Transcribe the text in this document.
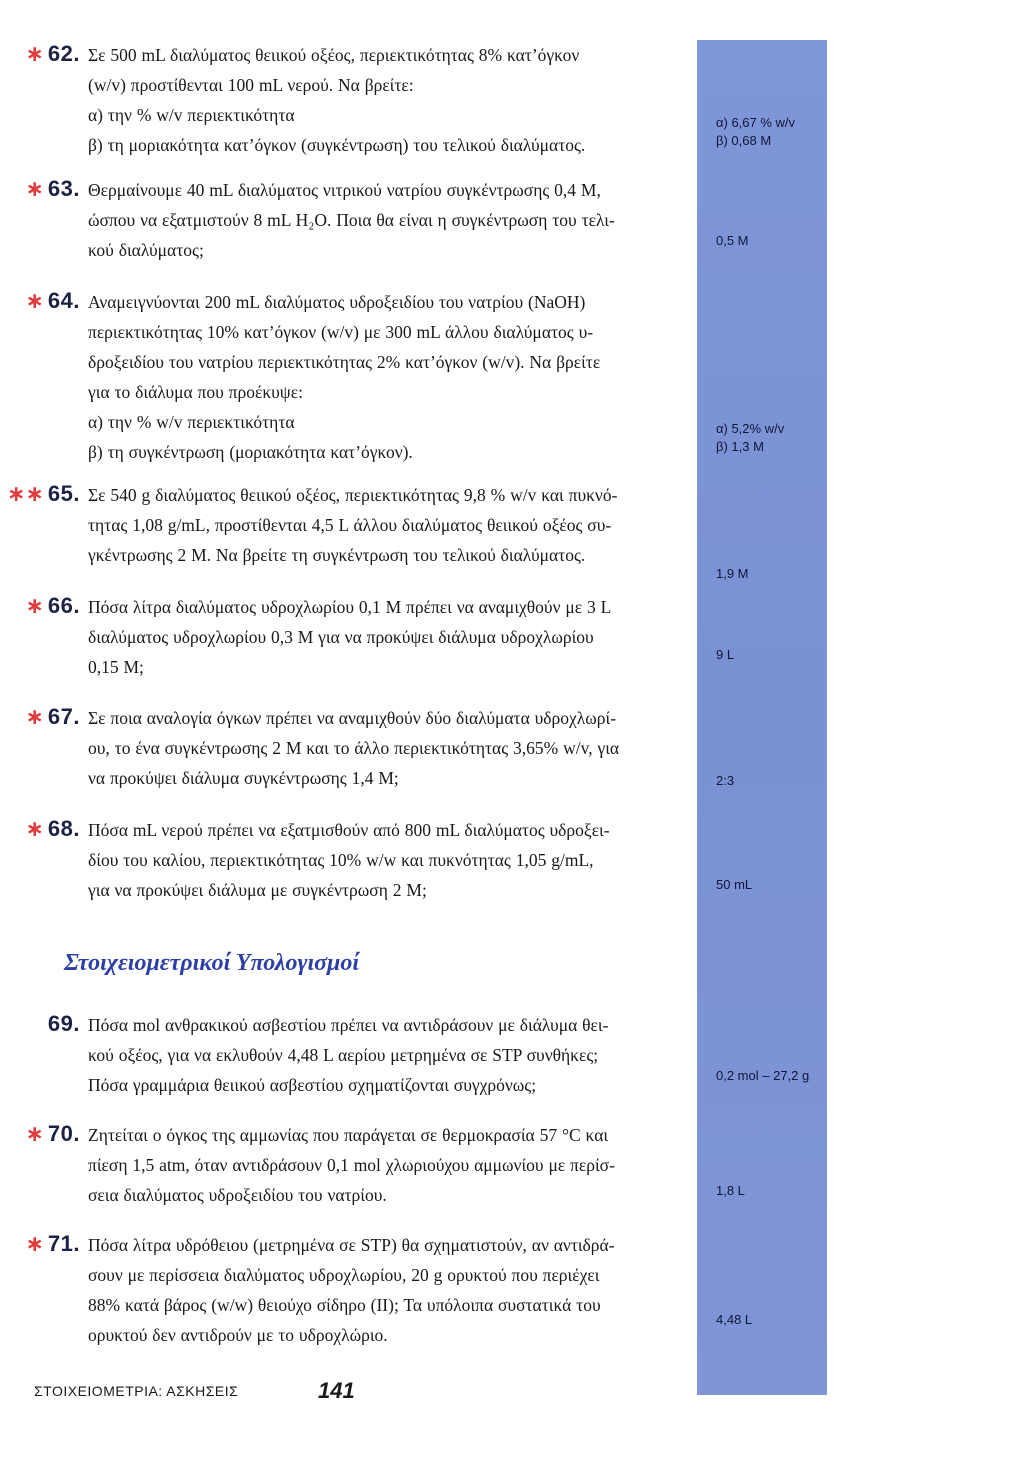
∗ 62. Σε 500 mL διαλύματος θειικού οξέος, περιεκτικότητας 8% κατ’όγκον
(w/v) προστίθενται 100 mL νερού. Να βρείτε:
α) την % w/v περιεκτικότητα
β) τη μοριακότητα κατ’όγκον (συγκέντρωση) του τελικού διαλύματος.
α) 6,67 % w/v
β) 0,68 M
∗ 63. Θερμαίνουμε 40 mL διαλύματος νιτρικού νατρίου συγκέντρωσης 0,4 M,
ώσπου να εξατμιστούν 8 mL H₂O. Ποια θα είναι η συγκέντρωση του τελι-
κού διαλύματος;	0,5 M
∗ 64. Αναμειγνύονται 200 mL διαλύματος υδροξειδίου του νατρίου (NaOH)
περιεκτικότητας 10% κατ’όγκον (w/v) με 300 mL άλλου διαλύματος υ-
δροξειδίου του νατρίου περιεκτικότητας 2% κατ’όγκον (w/v). Να βρείτε
για το διάλυμα που προέκυψε:
α) την % w/v περιεκτικότητα
β) τη συγκέντρωση (μοριακότητα κατ’όγκον).
α) 5,2% w/v
β) 1,3 M
∗∗ 65. Σε 540 g διαλύματος θειικού οξέος, περιεκτικότητας 9,8 % w/v και πυκνό-
τητας 1,08 g/mL, προστίθενται 4,5 L άλλου διαλύματος θειικού οξέος συ-
γκέντρωσης 2 M. Να βρείτε τη συγκέντρωση του τελικού διαλύματος.
1,9 M
∗ 66. Πόσα λίτρα διαλύματος υδροχλωρίου 0,1 M πρέπει να αναμιχθούν με 3 L
διαλύματος υδροχλωρίου 0,3 M για να προκύψει διάλυμα υδροχλωρίου
0,15 M;
9 L
∗ 67. Σε ποια αναλογία όγκων πρέπει να αναμιχθούν δύο διαλύματα υδροχλωρί-
ου, το ένα συγκέντρωσης 2 M και το άλλο περιεκτικότητας 3,65% w/v, για
να προκύψει διάλυμα συγκέντρωσης 1,4 M;	2:3
∗ 68. Πόσα mL νερού πρέπει να εξατμισθούν από 800 mL διαλύματος υδροξει-
δίου του καλίου, περιεκτικότητας 10% w/w και πυκνότητας 1,05 g/mL,
για να προκύψει διάλυμα με συγκέντρωση 2 M;	50 mL
Στοιχειομετρικοί Υπολογισμοί
69. Πόσα mol ανθρακικού ασβεστίου πρέπει να αντιδράσουν με διάλυμα θει-
κού οξέος, για να εκλυθούν 4,48 L αερίου μετρημένα σε STP συνθήκες;
Πόσα γραμμάρια θειικού ασβεστίου σχηματίζονται συγχρόνως;	0,2 mol – 27,2 g
∗ 70. Ζητείται ο όγκος της αμμωνίας που παράγεται σε θερμοκρασία 57 °C και
πίεση 1,5 atm, όταν αντιδράσουν 0,1 mol χλωριούχου αμμωνίου με περίσ-
σεια διαλύματος υδροξειδίου του νατρίου.	1,8 L
∗ 71. Πόσα λίτρα υδρόθειου (μετρημένα σε STP) θα σχηματιστούν, αν αντιδρά-
σουν με περίσσεια διαλύματος υδροχλωρίου, 20 g ορυκτού που περιέχει
88% κατά βάρος (w/w) θειούχο σίδηρο (II); Τα υπόλοιπα συστατικά του
ορυκτού δεν αντιδρούν με το υδροχλώριο.
4,48 L
ΣΤΟΙΧΕΙΟΜΕΤΡΙΑ: ΑΣΚΗΣΕΙΣ	141
